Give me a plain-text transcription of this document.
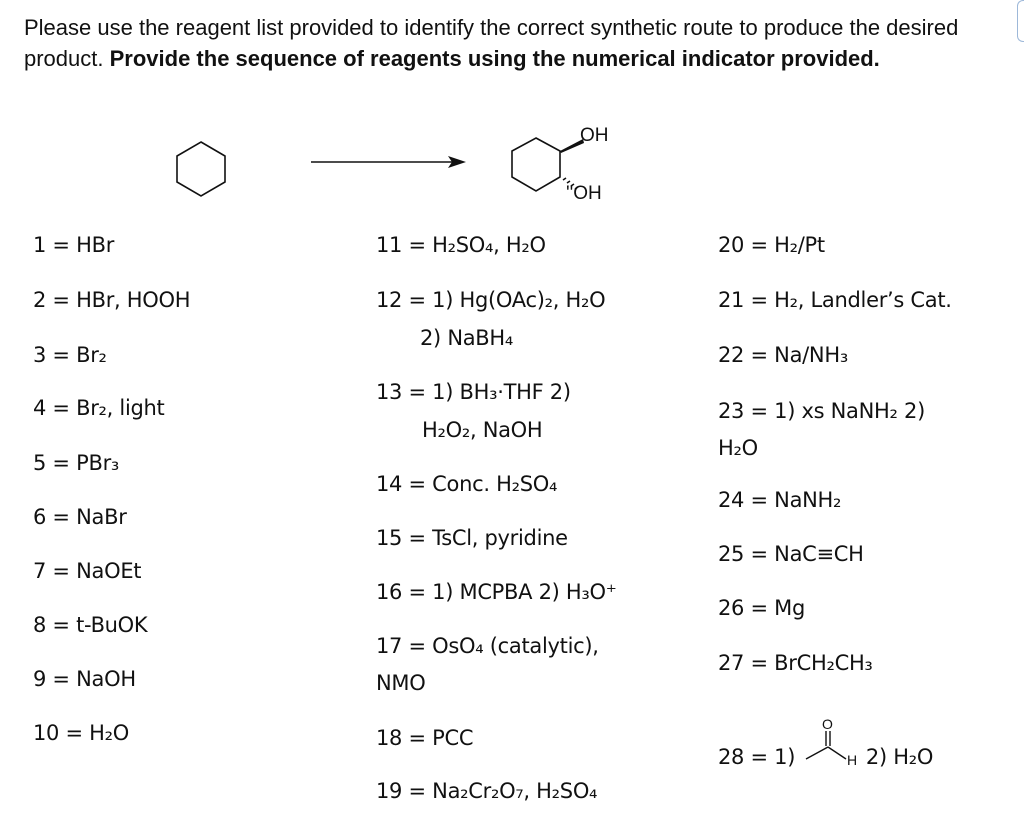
Please use the reagent list provided to identify the correct synthetic route to produce the desired product. Provide the sequence of reagents using the numerical indicator provided.
OH
''OH
1 = HBr
2 = HBr, HOOH
3 = Br₂
4 = Br₂, light
5 = PBr₃
6 = NaBr
7 = NaOEt
8 = t-BuOK
9 = NaOH
10 = H₂O
11 = H₂SO₄, H₂O
12 = 1) Hg(OAc)₂, H₂O
2) NaBH₄
13 = 1) BH₃·THF 2)
H₂O₂, NaOH
14 = Conc. H₂SO₄
15 = TsCl, pyridine
16 = 1) MCPBA 2) H₃O⁺
17 = OsO₄ (catalytic),
NMO
18 = PCC
19 = Na₂Cr₂O₇, H₂SO₄
20 = H₂/Pt
21 = H₂, Landler’s Cat.
22 = Na/NH₃
23 = 1) xs NaNH₂ 2)
H₂O
24 = NaNH₂
25 = NaC≡CH
26 = Mg
27 = BrCH₂CH₃
28 = 1)
O
H 2) H₂O
